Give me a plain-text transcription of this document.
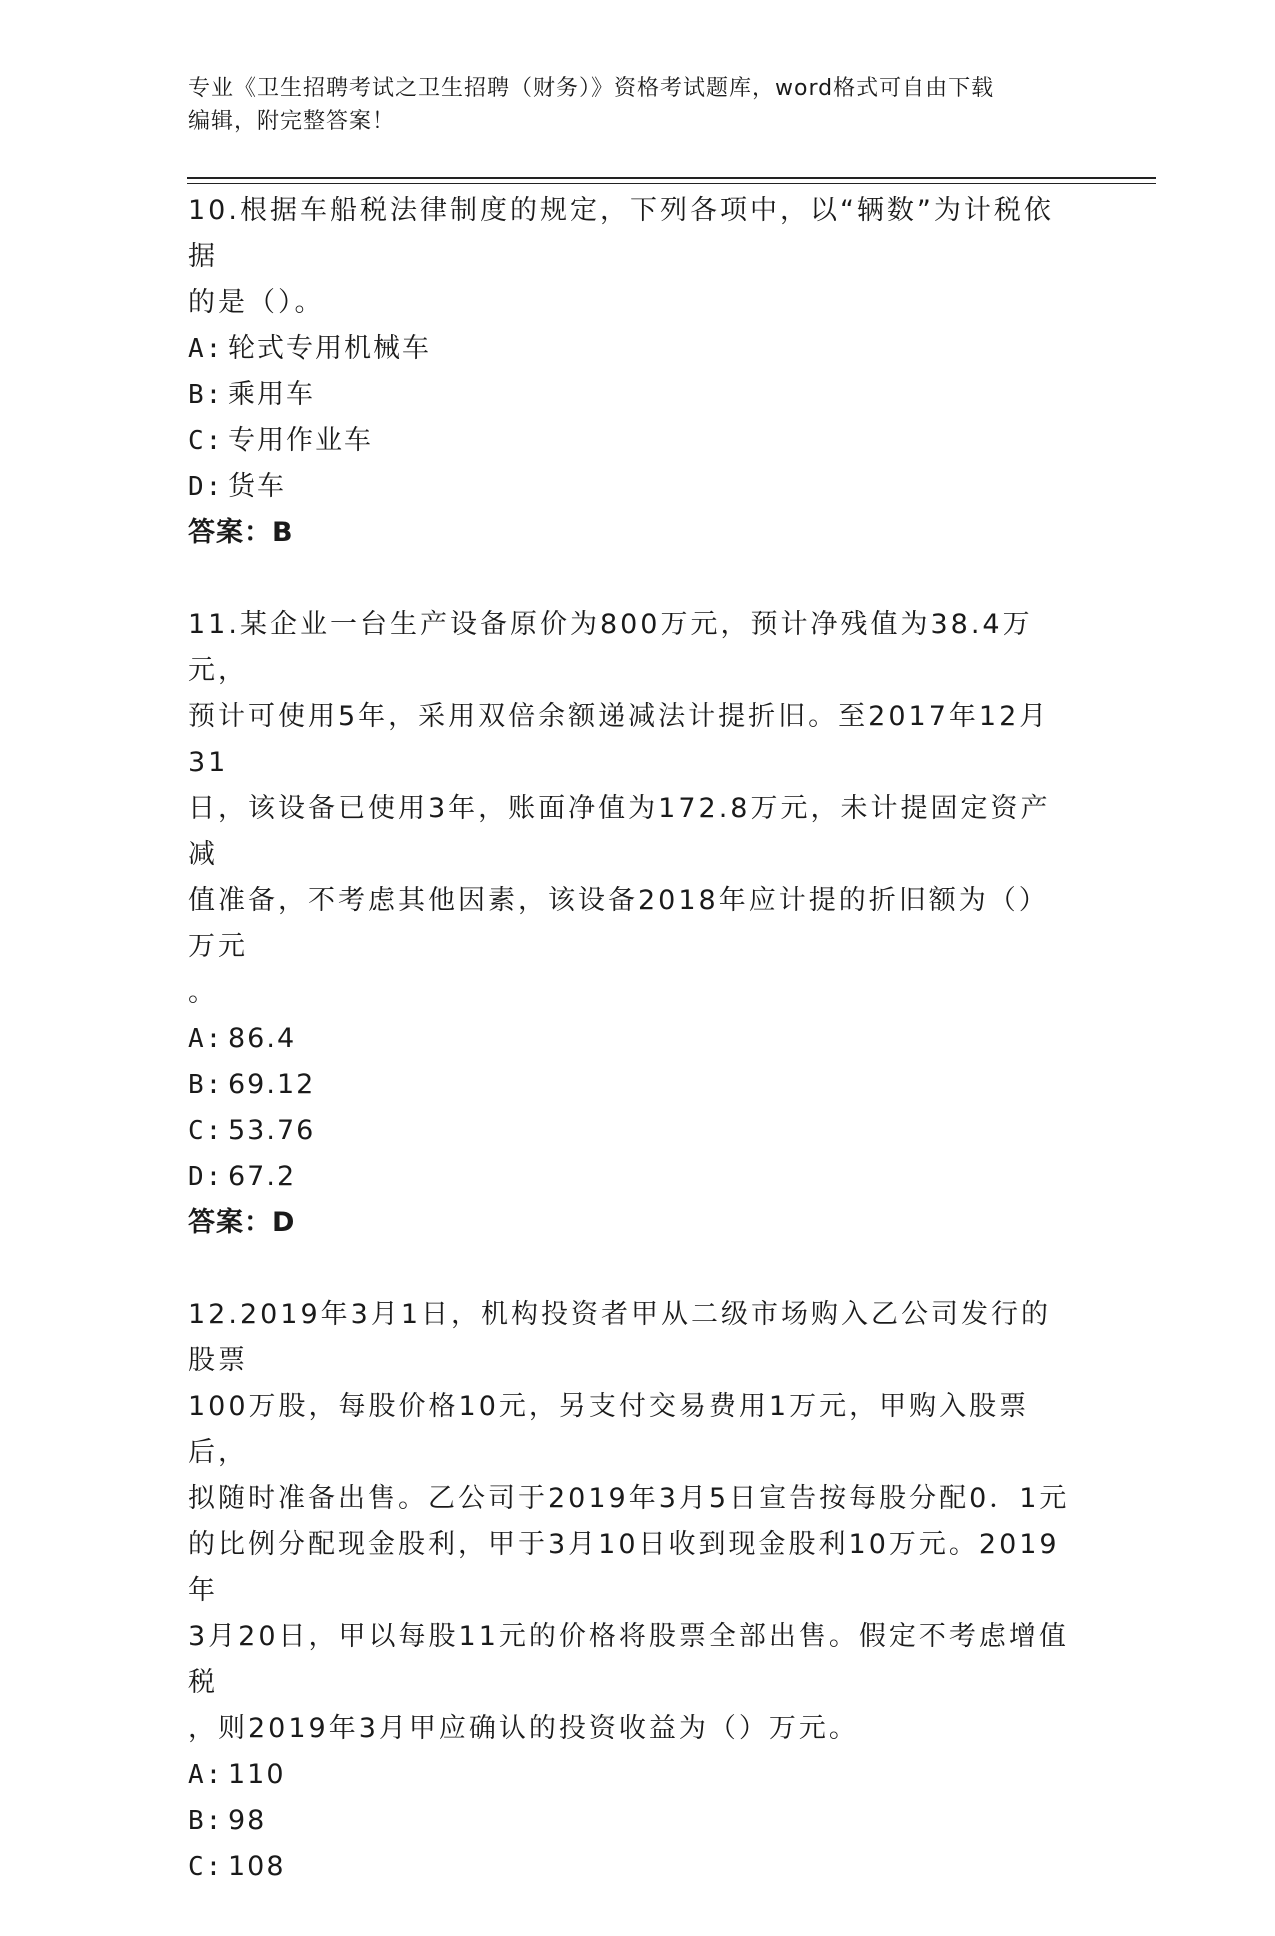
专业《卫生招聘考试之卫生招聘（财务）》资格考试题库，word格式可自由下载
编辑，附完整答案！
10.根据车船税法律制度的规定，下列各项中，以“辆数”为计税依据
的是（）。
A: 轮式专用机械车
B: 乘用车
C: 专用作业车
D: 货车
答案：B
11.某企业一台生产设备原价为800万元，预计净残值为38.4万元，
预计可使用5年，采用双倍余额递减法计提折旧。至2017年12月31
日，该设备已使用3年，账面净值为172.8万元，未计提固定资产减
值准备，不考虑其他因素，该设备2018年应计提的折旧额为（）万元
。
A: 86.4
B: 69.12
C: 53.76
D: 67.2
答案：D
12.2019年3月1日，机构投资者甲从二级市场购入乙公司发行的股票
100万股，每股价格10元，另支付交易费用1万元，甲购入股票后，
拟随时准备出售。乙公司于2019年3月5日宣告按每股分配0．1元
的比例分配现金股利，甲于3月10日收到现金股利10万元。2019年
3月20日，甲以每股11元的价格将股票全部出售。假定不考虑增值税
，则2019年3月甲应确认的投资收益为（）万元。
A: 110
B: 98
C: 108
